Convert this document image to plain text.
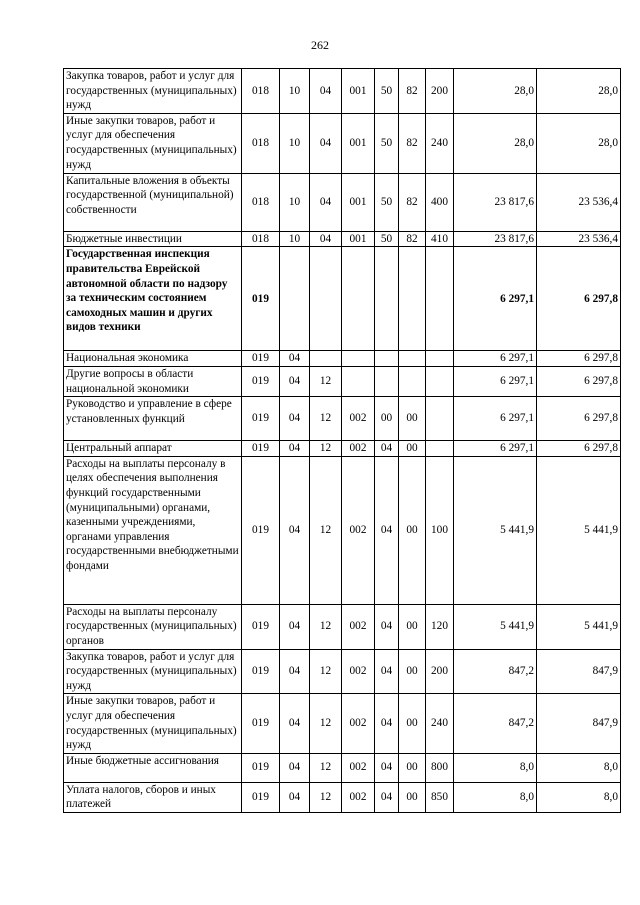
262
Закупка товаров, работ и услуг для государственных (муниципальных) нужд	018	10	04	001	50	82	200	28,0	28,0
Иные закупки товаров, работ и услуг для обеспечения государственных (муниципальных) нужд	018	10	04	001	50	82	240	28,0	28,0
Капитальные вложения в объекты государственной (муниципальной) собственности	018	10	04	001	50	82	400	23 817,6	23 536,4
Бюджетные инвестиции	018	10	04	001	50	82	410	23 817,6	23 536,4
Государственная инспекция правительства Еврейской автономной области по надзору за техническим состоянием самоходных машин и других видов техники	019							6 297,1	6 297,8
Национальная экономика	019	04						6 297,1	6 297,8
Другие вопросы в области национальной экономики	019	04	12					6 297,1	6 297,8
Руководство и управление в сфере установленных функций	019	04	12	002	00	00		6 297,1	6 297,8
Центральный аппарат	019	04	12	002	04	00		6 297,1	6 297,8
Расходы на выплаты персоналу в целях обеспечения выполнения функций государственными (муниципальными) органами, казенными учреждениями, органами управления государственными внебюджетными фондами	019	04	12	002	04	00	100	5 441,9	5 441,9
Расходы на выплаты персоналу государственных (муниципальных) органов	019	04	12	002	04	00	120	5 441,9	5 441,9
Закупка товаров, работ и услуг для государственных (муниципальных) нужд	019	04	12	002	04	00	200	847,2	847,9
Иные закупки товаров, работ и услуг для обеспечения государственных (муниципальных) нужд	019	04	12	002	04	00	240	847,2	847,9
Иные бюджетные ассигнования	019	04	12	002	04	00	800	8,0	8,0
Уплата налогов, сборов и иных платежей	019	04	12	002	04	00	850	8,0	8,0
